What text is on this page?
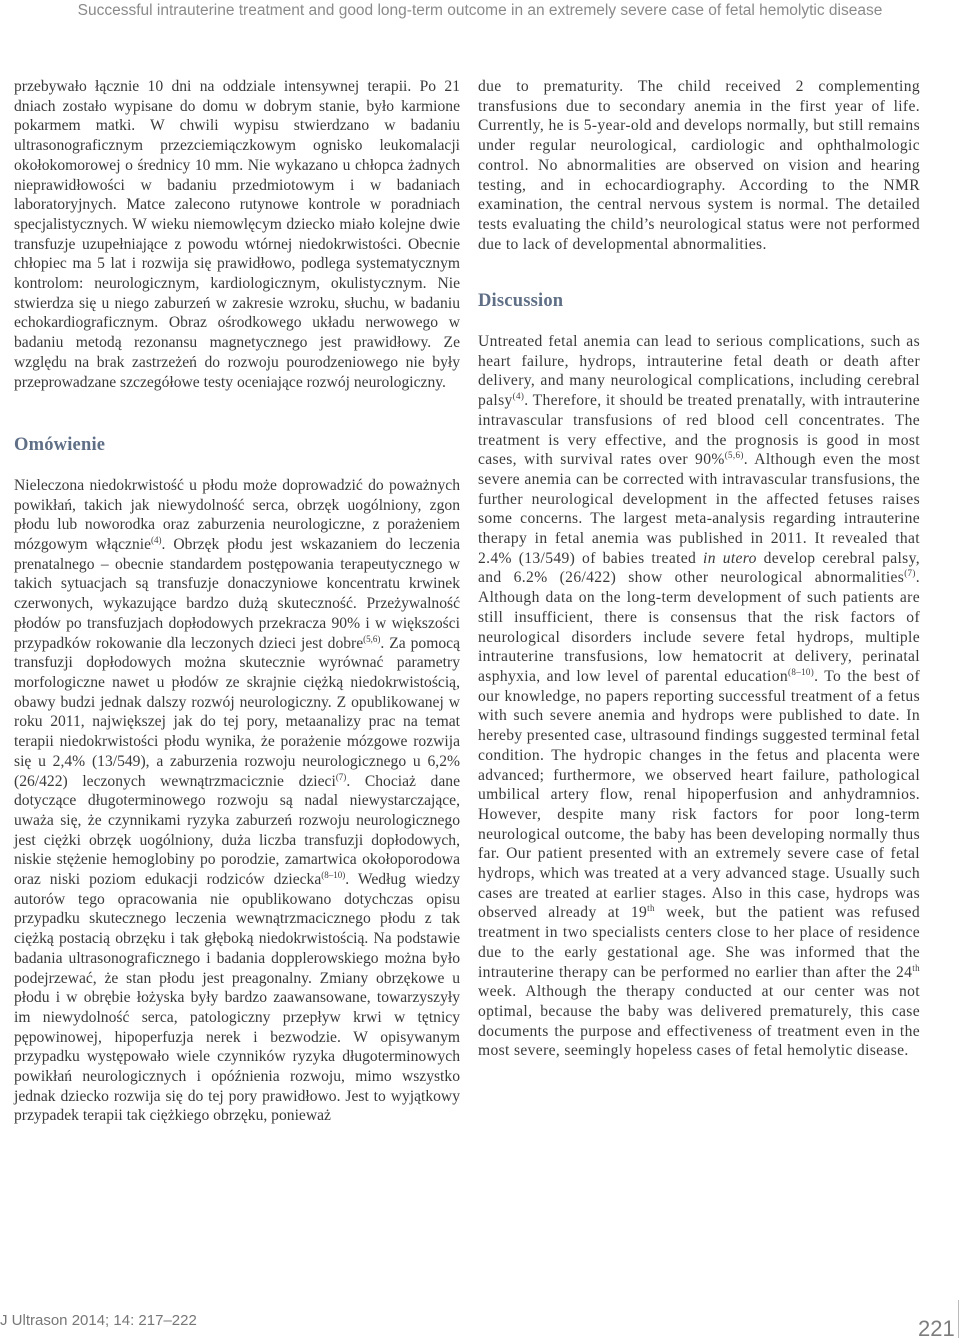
Successful intrauterine treatment and good long-term outcome in an extremely severe case of fetal hemolytic disease

przebywało łącznie 10 dni na oddziale intensywnej terapii. Po 21 dniach zostało wypisane do domu w dobrym stanie, było karmione pokarmem matki. W chwili wypisu stwierdzano w badaniu ultrasonograficznym przezciemiączkowym ognisko leukomalacji okołokomorowej o średnicy 10 mm. Nie wykazano u chłopca żadnych nieprawidłowości w badaniu przedmiotowym i w badaniach laboratoryjnych. Matce zalecono rutynowe kontrole w poradniach specjalistycznych. W wieku niemowlęcym dziecko miało kolejne dwie transfuzje uzupełniające z powodu wtórnej niedokrwistości. Obecnie chłopiec ma 5 lat i rozwija się prawidłowo, podlega systematycznym kontrolom: neurologicznym, kardiologicznym, okulistycznym. Nie stwierdza się u niego zaburzeń w zakresie wzroku, słuchu, w badaniu echokardiograficznym. Obraz ośrodkowego układu nerwowego w badaniu metodą rezonansu magnetycznego jest prawidłowy. Ze względu na brak zastrzeżeń do rozwoju pourodzeniowego nie były przeprowadzane szczegółowe testy oceniające rozwój neurologiczny.

Omówienie

Nieleczona niedokrwistość u płodu może doprowadzić do poważnych powikłań, takich jak niewydolność serca, obrzęk uogólniony, zgon płodu lub noworodka oraz zaburzenia neurologiczne, z porażeniem mózgowym włącznie$^{(4)}$. Obrzęk płodu jest wskazaniem do leczenia prenatalnego – obecnie standardem postępowania terapeutycznego w takich sytuacjach są transfuzje donaczyniowe koncentratu krwinek czerwonych, wykazujące bardzo dużą skuteczność. Przeżywalność płodów po transfuzjach dopłodowych przekracza 90% i w większości przypadków rokowanie dla leczonych dzieci jest dobre$^{(5,6)}$. Za pomocą transfuzji dopłodowych można skutecznie wyrównać parametry morfologiczne nawet u płodów ze skrajnie ciężką niedokrwistością, obawy budzi jednak dalszy rozwój neurologiczny. Z opublikowanej w roku 2011, największej jak do tej pory, metaanalizy prac na temat terapii niedokrwistości płodu wynika, że porażenie mózgowe rozwija się u 2,4% (13/549), a zaburzenia rozwoju neurologicznego u 6,2% (26/422) leczonych wewnątrzmacicznie dzieci$^{(7)}$. Chociaż dane dotyczące długoterminowego rozwoju są nadal niewystarczające, uważa się, że czynnikami ryzyka zaburzeń rozwoju neurologicznego jest ciężki obrzęk uogólniony, duża liczba transfuzji dopłodowych, niskie stężenie hemoglobiny po porodzie, zamartwica okołoporodowa oraz niski poziom edukacji rodziców dziecka$^{(8-10)}$. Według wiedzy autorów tego opracowania nie opublikowano dotychczas opisu przypadku skutecznego leczenia wewnątrzmacicznego płodu z tak ciężką postacią obrzęku i tak głęboką niedokrwistością. Na podstawie badania ultrasonograficznego i badania dopplerowskiego można było podejrzewać, że stan płodu jest preagonalny. Zmiany obrzękowe u płodu i w obrębie łożyska były bardzo zaawansowane, towarzyszyły im niewydolność serca, patologiczny przepływ krwi w tętnicy pępowinowej, hipoperfuzja nerek i bezwodzie. W opisywanym przypadku występowało wiele czynników ryzyka długoterminowych powikłań neurologicznych i opóźnienia rozwoju, mimo wszystko jednak dziecko rozwija się do tej pory prawidłowo. Jest to wyjątkowy przypadek terapii tak ciężkiego obrzęku, ponieważ

due to prematurity. The child received 2 complementing transfusions due to secondary anemia in the first year of life. Currently, he is 5-year-old and develops normally, but still remains under regular neurological, cardiologic and ophthalmologic control. No abnormalities are observed on vision and hearing testing, and in echocardiography. According to the NMR examination, the central nervous system is normal. The detailed tests evaluating the child’s neurological status were not performed due to lack of developmental abnormalities.

Discussion

Untreated fetal anemia can lead to serious complications, such as heart failure, hydrops, intrauterine fetal death or death after delivery, and many neurological complications, including cerebral palsy$^{(4)}$. Therefore, it should be treated prenatally, with intrauterine intravascular transfusions of red blood cell concentrates. The treatment is very effective, and the prognosis is good in most cases, with survival rates over 90%$^{(5,6)}$. Although even the most severe anemia can be corrected with intravascular transfusions, the further neurological development in the affected fetuses raises some concerns. The largest meta-analysis regarding intrauterine therapy in fetal anemia was published in 2011. It revealed that 2.4% (13/549) of babies treated in utero develop cerebral palsy, and 6.2% (26/422) show other neurological abnormalities$^{(7)}$. Although data on the long-term development of such patients are still insufficient, there is consensus that the risk factors of neurological disorders include severe fetal hydrops, multiple intrauterine transfusions, low hematocrit at delivery, perinatal asphyxia, and low level of parental education$^{(8-10)}$. To the best of our knowledge, no papers reporting successful treatment of a fetus with such severe anemia and hydrops were published to date. In hereby presented case, ultrasound findings suggested terminal fetal condition. The hydropic changes in the fetus and placenta were advanced; furthermore, we observed heart failure, pathological umbilical artery flow, renal hipoperfusion and anhydramnios. However, despite many risk factors for poor long-term neurological outcome, the baby has been developing normally thus far. Our patient presented with an extremely severe case of fetal hydrops, which was treated at a very advanced stage. Usually such cases are treated at earlier stages. Also in this case, hydrops was observed already at 19th week, but the patient was refused treatment in two specialists centers close to her place of residence due to the early gestational age. She was informed that the intrauterine therapy can be performed no earlier than after the 24th week. Although the therapy conducted at our center was not optimal, because the baby was delivered prematurely, this case documents the purpose and effectiveness of treatment even in the most severe, seemingly hopeless cases of fetal hemolytic disease.

J Ultrason 2014; 14: 217–222	221
